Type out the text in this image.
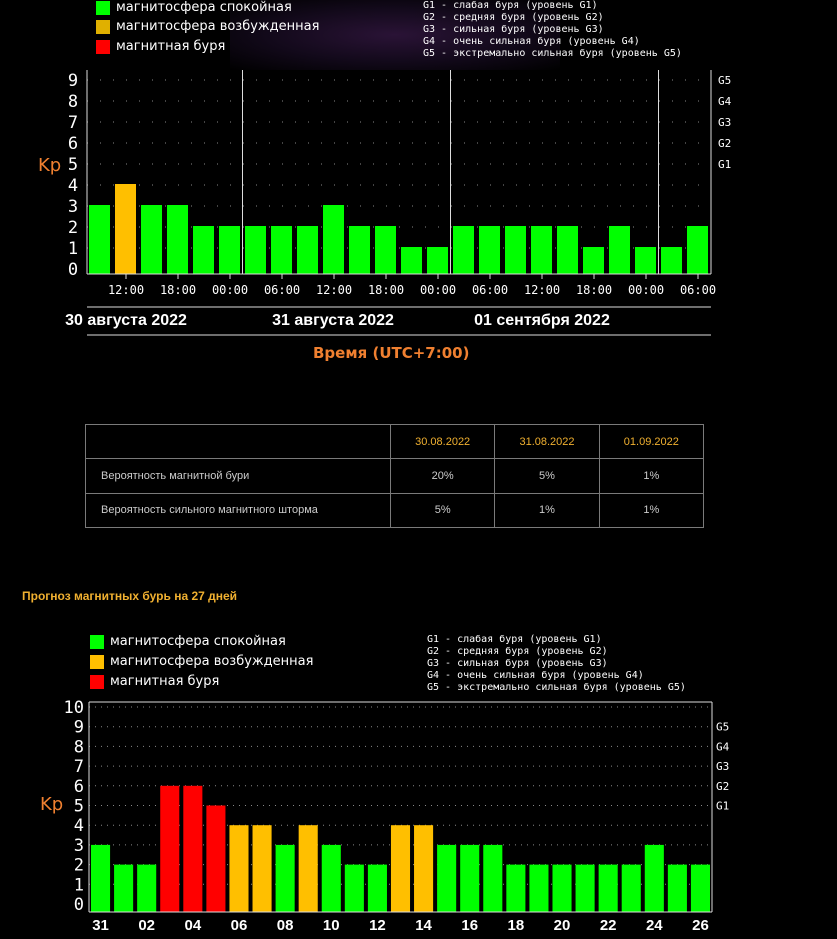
магнитосфера спокойная
магнитосфера возбужденная
магнитная буря
G1 - слабая буря (уровень G1)
G2 - средняя буря (уровень G2)
G3 - сильная буря (уровень G3)
G4 - очень сильная буря (уровень G4)
G5 - экстремально сильная буря (уровень G5)
Kp
0
1
2
3
4
5
6
7
8
9
G1
G2
G3
G4
G5
12:00 18:00 00:00 06:00 12:00 18:00 00:00 06:00 12:00 18:00 00:00 06:00
30 августа 2022	31 августа 2022	01 сентября 2022
Время (UTC+7:00)
	30.08.2022	31.08.2022	01.09.2022
Вероятность магнитной бури	20%	5%	1%
Вероятность сильного магнитного шторма	5%	1%	1%
Прогноз магнитных бурь на 27 дней
магнитосфера спокойная
магнитосфера возбужденная
магнитная буря
G1 - слабая буря (уровень G1)
G2 - средняя буря (уровень G2)
G3 - сильная буря (уровень G3)
G4 - очень сильная буря (уровень G4)
G5 - экстремально сильная буря (уровень G5)
Kp
0
1
2
3
4
5
6
7
8
9
10
G1
G2
G3
G4
G5
31 02 04 06 08 10 12 14 16 18 20 22 24 26
